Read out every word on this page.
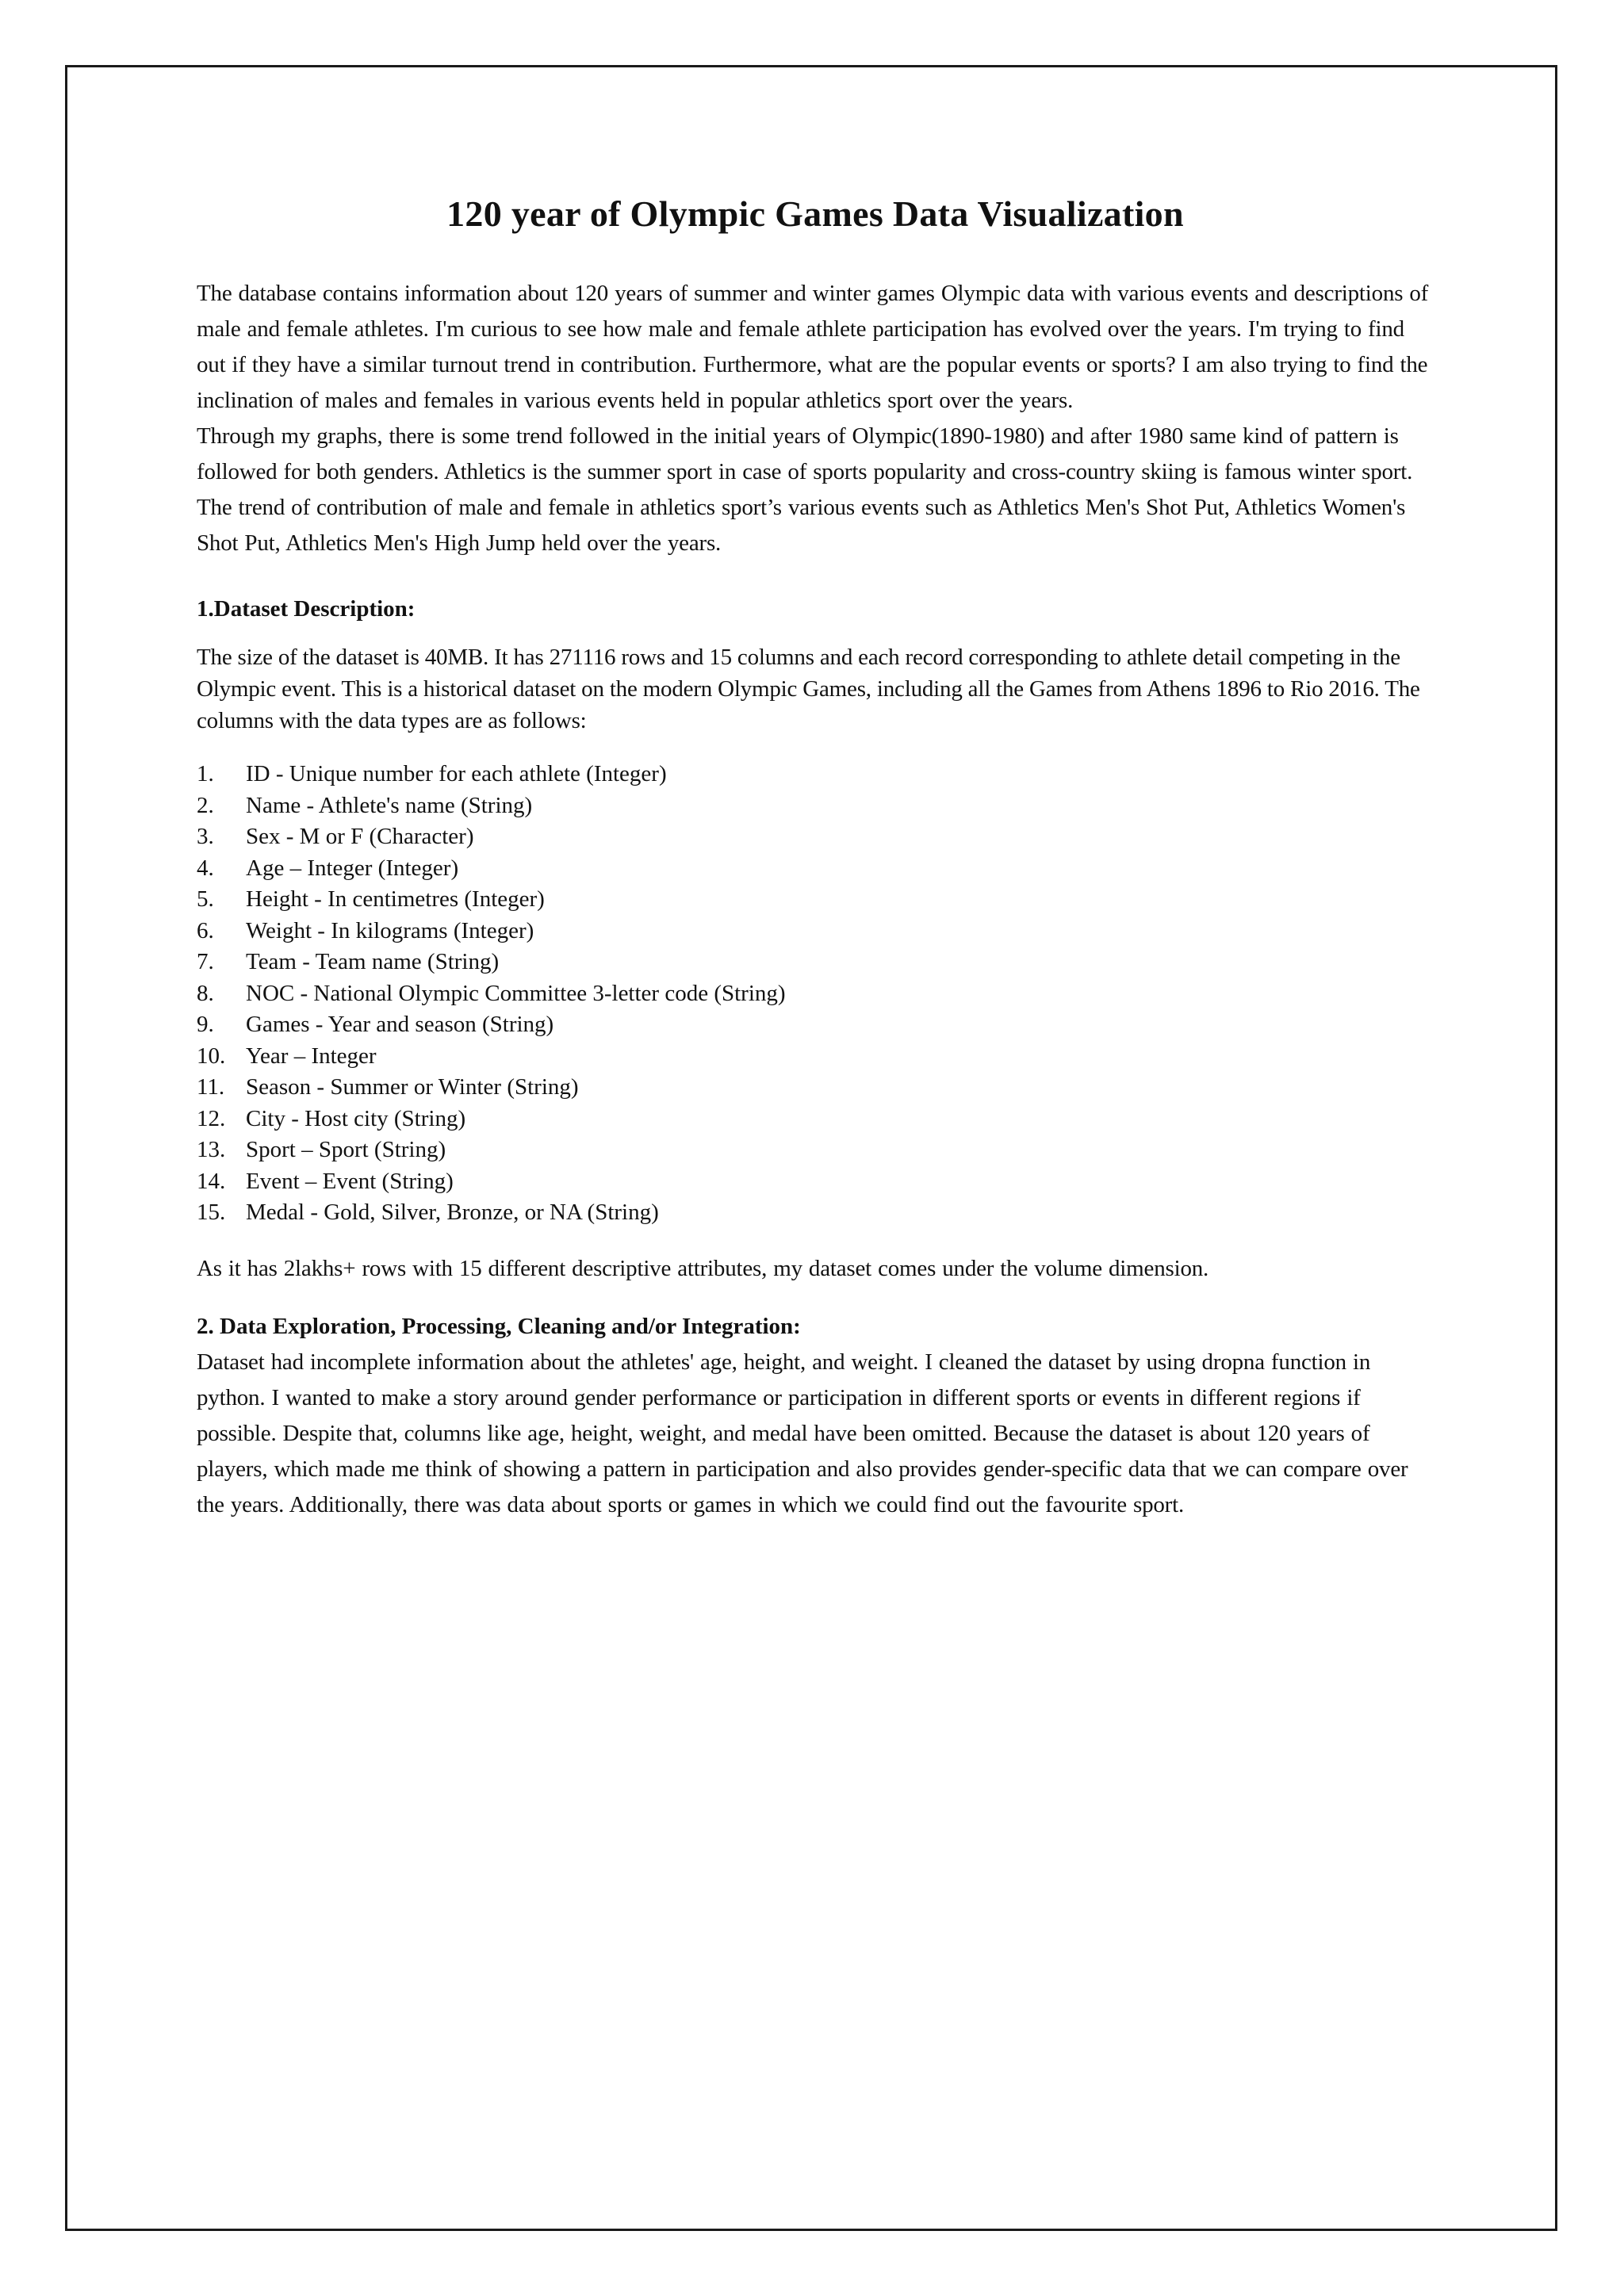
120 year of Olympic Games Data Visualization

The database contains information about 120 years of summer and winter games Olympic data with various events and descriptions of male and female athletes. I'm curious to see how male and female athlete participation has evolved over the years. I'm trying to find out if they have a similar turnout trend in contribution. Furthermore, what are the popular events or sports? I am also trying to find the inclination of males and females in various events held in popular athletics sport over the years.

Through my graphs, there is some trend followed in the initial years of Olympic(1890-1980) and after 1980 same kind of pattern is followed for both genders. Athletics is the summer sport in case of sports popularity and cross-country skiing is famous winter sport. The trend of contribution of male and female in athletics sport’s various events such as Athletics Men's Shot Put, Athletics Women's Shot Put, Athletics Men's High Jump held over the years.

1.Dataset Description:

The size of the dataset is 40MB. It has 271116 rows and 15 columns and each record corresponding to athlete detail competing in the Olympic event. This is a historical dataset on the modern Olympic Games, including all the Games from Athens 1896 to Rio 2016. The columns with the data types are as follows:

1.	ID - Unique number for each athlete (Integer)
2.	Name - Athlete's name (String)
3.	Sex - M or F (Character)
4.	Age – Integer (Integer)
5.	Height - In centimetres (Integer)
6.	Weight - In kilograms (Integer)
7.	Team - Team name (String)
8.	NOC - National Olympic Committee 3-letter code (String)
9.	Games - Year and season (String)
10. Year – Integer
11. Season - Summer or Winter (String)
12. City - Host city (String)
13. Sport – Sport (String)
14. Event – Event (String)
15. Medal - Gold, Silver, Bronze, or NA (String)

As it has 2lakhs+ rows with 15 different descriptive attributes, my dataset comes under the volume dimension.

2. Data Exploration, Processing, Cleaning and/or Integration:

Dataset had incomplete information about the athletes' age, height, and weight. I cleaned the dataset by using dropna function in python. I wanted to make a story around gender performance or participation in different sports or events in different regions if possible. Despite that, columns like age, height, weight, and medal have been omitted. Because the dataset is about 120 years of players, which made me think of showing a pattern in participation and also provides gender-specific data that we can compare over the years. Additionally, there was data about sports or games in which we could find out the favourite sport.
